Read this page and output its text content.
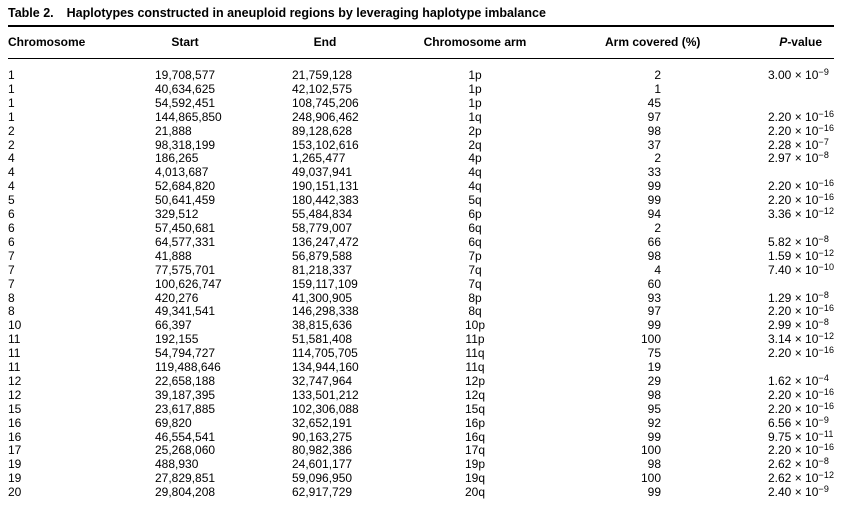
Table 2. Haplotypes constructed in aneuploid regions by leveraging haplotype imbalance
Chromosome	Start	End	Chromosome arm	Arm covered (%)	P-value
1	19,708,577	21,759,128	1p	2	$3.00 \times 10^{-9}$
1	40,634,625	42,102,575	1p	1	
1	54,592,451	108,745,206	1p	45	
1	144,865,850	248,906,462	1q	97	$2.20 \times 10^{-16}$
2	21,888	89,128,628	2p	98	$2.20 \times 10^{-16}$
2	98,318,199	153,102,616	2q	37	$2.28 \times 10^{-7}$
4	186,265	1,265,477	4p	2	$2.97 \times 10^{-8}$
4	4,013,687	49,037,941	4q	33	
4	52,684,820	190,151,131	4q	99	$2.20 \times 10^{-16}$
5	50,641,459	180,442,383	5q	99	$2.20 \times 10^{-16}$
6	329,512	55,484,834	6p	94	$3.36 \times 10^{-12}$
6	57,450,681	58,779,007	6q	2	
6	64,577,331	136,247,472	6q	66	$5.82 \times 10^{-8}$
7	41,888	56,879,588	7p	98	$1.59 \times 10^{-12}$
7	77,575,701	81,218,337	7q	4	$7.40 \times 10^{-10}$
7	100,626,747	159,117,109	7q	60	
8	420,276	41,300,905	8p	93	$1.29 \times 10^{-8}$
8	49,341,541	146,298,338	8q	97	$2.20 \times 10^{-16}$
10	66,397	38,815,636	10p	99	$2.99 \times 10^{-8}$
11	192,155	51,581,408	11p	100	$3.14 \times 10^{-12}$
11	54,794,727	114,705,705	11q	75	$2.20 \times 10^{-16}$
11	119,488,646	134,944,160	11q	19	
12	22,658,188	32,747,964	12p	29	$1.62 \times 10^{-4}$
12	39,187,395	133,501,212	12q	98	$2.20 \times 10^{-16}$
15	23,617,885	102,306,088	15q	95	$2.20 \times 10^{-16}$
16	69,820	32,652,191	16p	92	$6.56 \times 10^{-9}$
16	46,554,541	90,163,275	16q	99	$9.75 \times 10^{-11}$
17	25,268,060	80,982,386	17q	100	$2.20 \times 10^{-16}$
19	488,930	24,601,177	19p	98	$2.62 \times 10^{-8}$
19	27,829,851	59,096,950	19q	100	$2.62 \times 10^{-12}$
20	29,804,208	62,917,729	20q	99	$2.40 \times 10^{-9}$
